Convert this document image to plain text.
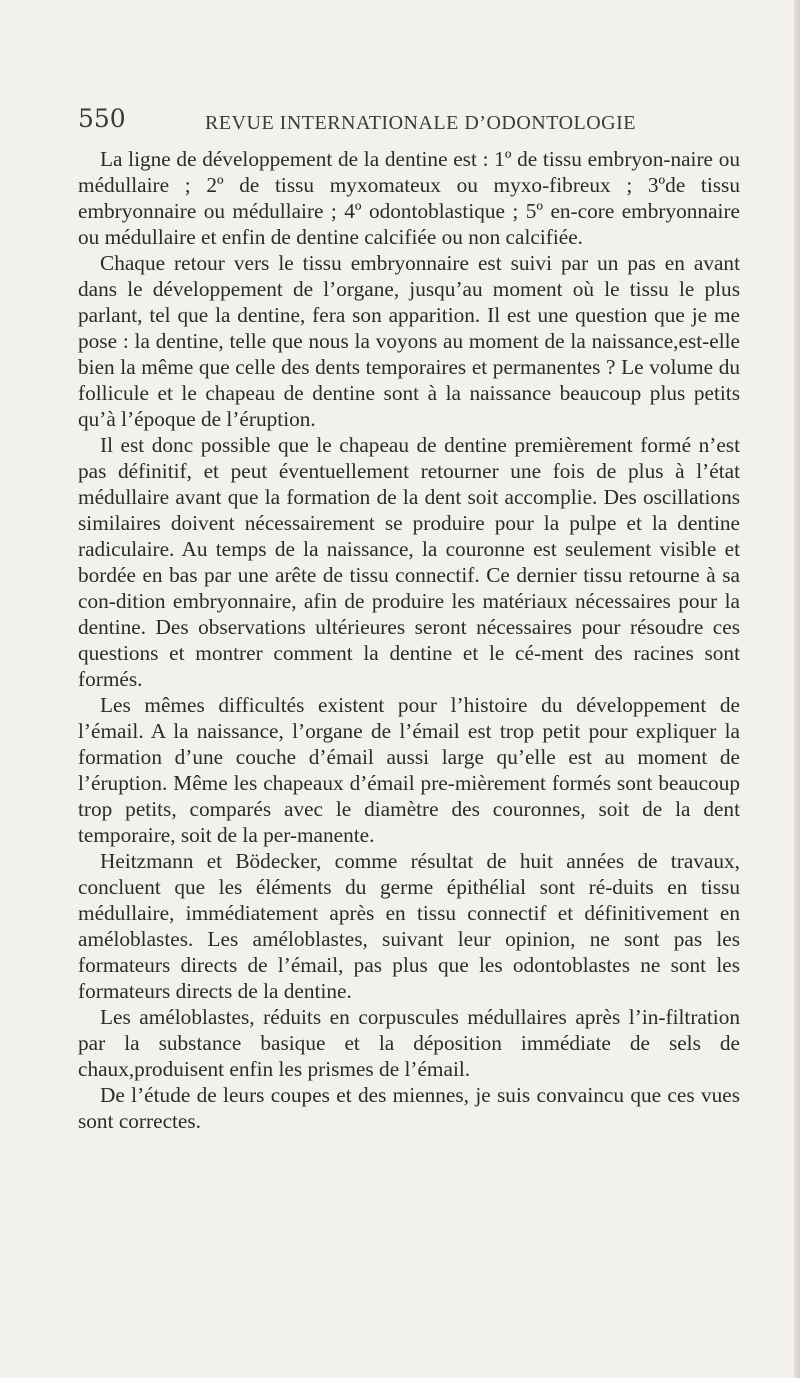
550	REVUE INTERNATIONALE D’ODONTOLOGIE

La ligne de développement de la dentine est : 1º de tissu embryon-naire ou médullaire ; 2º de tissu myxomateux ou myxo-fibreux ; 3ºde tissu embryonnaire ou médullaire ; 4º odontoblastique ; 5º en-core embryonnaire ou médullaire et enfin de dentine calcifiée ou non calcifiée.

Chaque retour vers le tissu embryonnaire est suivi par un pas en avant dans le développement de l’organe, jusqu’au moment où le tissu le plus parlant, tel que la dentine, fera son apparition. Il est une question que je me pose : la dentine, telle que nous la voyons au moment de la naissance,est-elle bien la même que celle des dents temporaires et permanentes ? Le volume du follicule et le chapeau de dentine sont à la naissance beaucoup plus petits qu’à l’époque de l’éruption.

Il est donc possible que le chapeau de dentine premièrement formé n’est pas définitif, et peut éventuellement retourner une fois de plus à l’état médullaire avant que la formation de la dent soit accomplie. Des oscillations similaires doivent nécessairement se produire pour la pulpe et la dentine radiculaire. Au temps de la naissance, la couronne est seulement visible et bordée en bas par une arête de tissu connectif. Ce dernier tissu retourne à sa con-dition embryonnaire, afin de produire les matériaux nécessaires pour la dentine. Des observations ultérieures seront nécessaires pour résoudre ces questions et montrer comment la dentine et le cé-ment des racines sont formés.

Les mêmes difficultés existent pour l’histoire du développement de l’émail. A la naissance, l’organe de l’émail est trop petit pour expliquer la formation d’une couche d’émail aussi large qu’elle est au moment de l’éruption. Même les chapeaux d’émail pre-mièrement formés sont beaucoup trop petits, comparés avec le diamètre des couronnes, soit de la dent temporaire, soit de la per-manente.

Heitzmann et Bödecker, comme résultat de huit années de travaux, concluent que les éléments du germe épithélial sont ré-duits en tissu médullaire, immédiatement après en tissu connectif et définitivement en améloblastes. Les améloblastes, suivant leur opinion, ne sont pas les formateurs directs de l’émail, pas plus que les odontoblastes ne sont les formateurs directs de la dentine.

Les améloblastes, réduits en corpuscules médullaires après l’in-filtration par la substance basique et la déposition immédiate de sels de chaux,produisent enfin les prismes de l’émail.

De l’étude de leurs coupes et des miennes, je suis convaincu que ces vues sont correctes.
